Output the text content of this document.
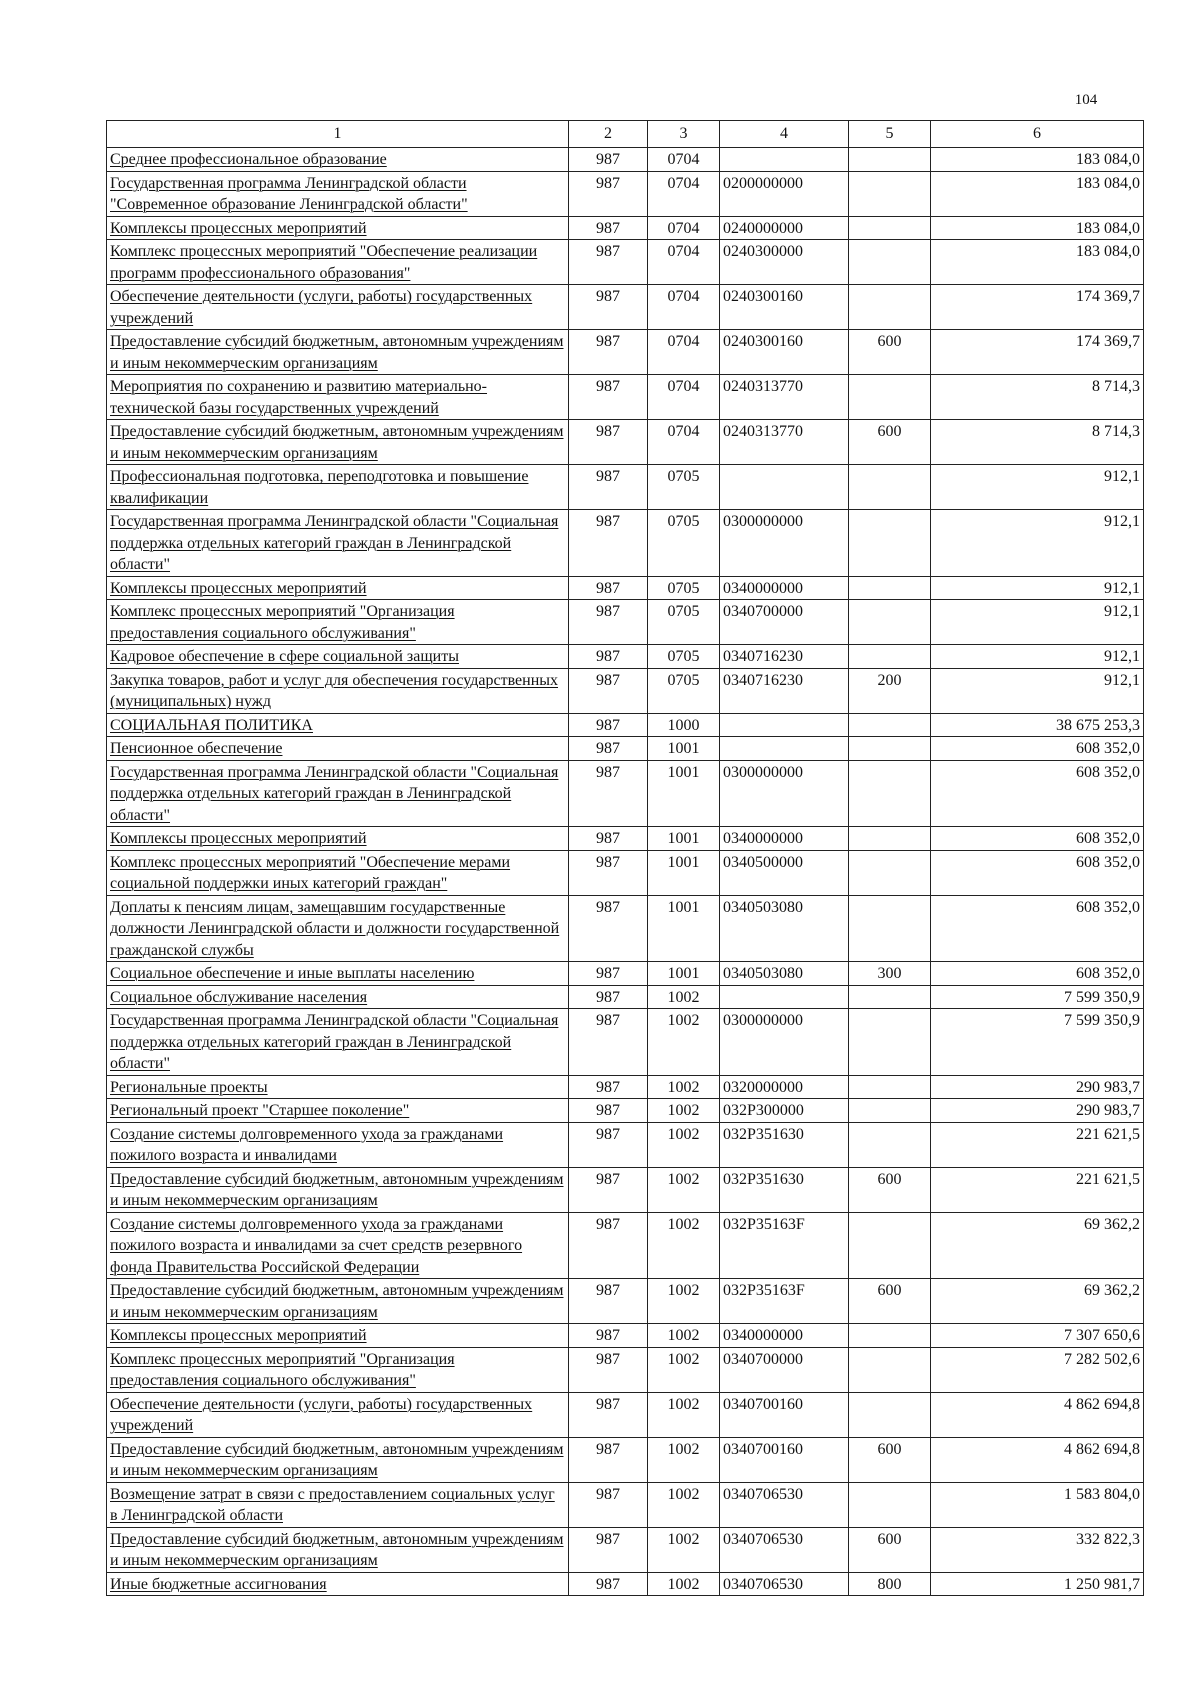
104
1	2	3	4	5	6
Среднее профессиональное образование	987	0704			183 084,0
Государственная программа Ленинградской области "Современное образование Ленинградской области"	987	0704	0200000000		183 084,0
Комплексы процессных мероприятий	987	0704	0240000000		183 084,0
Комплекс процессных мероприятий "Обеспечение реализации программ профессионального образования"	987	0704	0240300000		183 084,0
Обеспечение деятельности (услуги, работы) государственных учреждений	987	0704	0240300160		174 369,7
Предоставление субсидий бюджетным, автономным учреждениям и иным некоммерческим организациям	987	0704	0240300160	600	174 369,7
Мероприятия по сохранению и развитию материально-технической базы государственных учреждений	987	0704	0240313770		8 714,3
Предоставление субсидий бюджетным, автономным учреждениям и иным некоммерческим организациям	987	0704	0240313770	600	8 714,3
Профессиональная подготовка, переподготовка и повышение квалификации	987	0705			912,1
Государственная программа Ленинградской области "Социальная поддержка отдельных категорий граждан в Ленинградской области"	987	0705	0300000000		912,1
Комплексы процессных мероприятий	987	0705	0340000000		912,1
Комплекс процессных мероприятий "Организация предоставления социального обслуживания"	987	0705	0340700000		912,1
Кадровое обеспечение в сфере социальной защиты	987	0705	0340716230		912,1
Закупка товаров, работ и услуг для обеспечения государственных (муниципальных) нужд	987	0705	0340716230	200	912,1
СОЦИАЛЬНАЯ ПОЛИТИКА	987	1000			38 675 253,3
Пенсионное обеспечение	987	1001			608 352,0
Государственная программа Ленинградской области "Социальная поддержка отдельных категорий граждан в Ленинградской области"	987	1001	0300000000		608 352,0
Комплексы процессных мероприятий	987	1001	0340000000		608 352,0
Комплекс процессных мероприятий "Обеспечение мерами социальной поддержки иных категорий граждан"	987	1001	0340500000		608 352,0
Доплаты к пенсиям лицам, замещавшим государственные должности Ленинградской области и должности государственной гражданской службы	987	1001	0340503080		608 352,0
Социальное обеспечение и иные выплаты населению	987	1001	0340503080	300	608 352,0
Социальное обслуживание населения	987	1002			7 599 350,9
Государственная программа Ленинградской области "Социальная поддержка отдельных категорий граждан в Ленинградской области"	987	1002	0300000000		7 599 350,9
Региональные проекты	987	1002	0320000000		290 983,7
Региональный проект "Старшее поколение"	987	1002	032P300000		290 983,7
Создание системы долговременного ухода за гражданами пожилого возраста и инвалидами	987	1002	032P351630		221 621,5
Предоставление субсидий бюджетным, автономным учреждениям и иным некоммерческим организациям	987	1002	032P351630	600	221 621,5
Создание системы долговременного ухода за гражданами пожилого возраста и инвалидами за счет средств резервного фонда Правительства Российской Федерации	987	1002	032P35163F		69 362,2
Предоставление субсидий бюджетным, автономным учреждениям и иным некоммерческим организациям	987	1002	032P35163F	600	69 362,2
Комплексы процессных мероприятий	987	1002	0340000000		7 307 650,6
Комплекс процессных мероприятий "Организация предоставления социального обслуживания"	987	1002	0340700000		7 282 502,6
Обеспечение деятельности (услуги, работы) государственных учреждений	987	1002	0340700160		4 862 694,8
Предоставление субсидий бюджетным, автономным учреждениям и иным некоммерческим организациям	987	1002	0340700160	600	4 862 694,8
Возмещение затрат в связи с предоставлением социальных услуг в Ленинградской области	987	1002	0340706530		1 583 804,0
Предоставление субсидий бюджетным, автономным учреждениям и иным некоммерческим организациям	987	1002	0340706530	600	332 822,3
Иные бюджетные ассигнования	987	1002	0340706530	800	1 250 981,7
